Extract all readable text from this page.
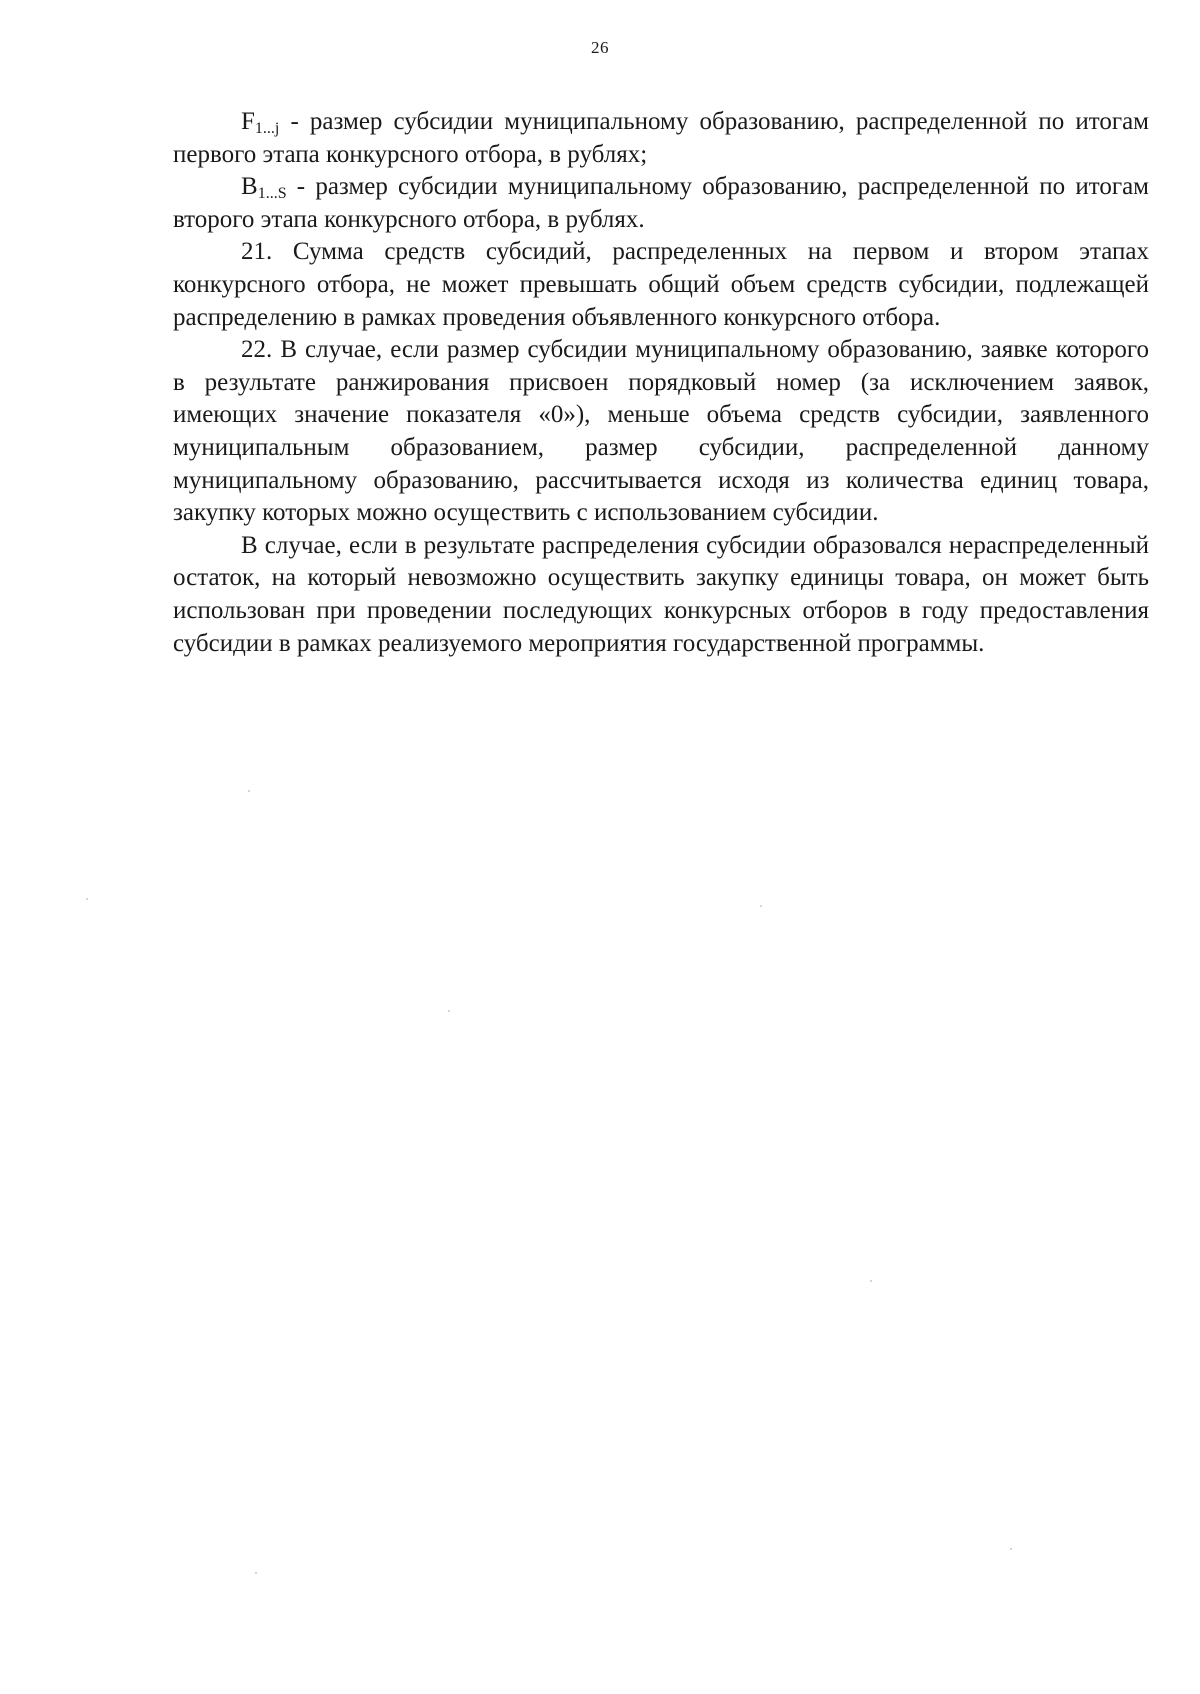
26

$F_{1...j}$ - размер субсидии муниципальному образованию, распределенной по итогам первого этапа конкурсного отбора, в рублях;

$B_{1...S}$ - размер субсидии муниципальному образованию, распределенной по итогам второго этапа конкурсного отбора, в рублях.

21. Сумма средств субсидий, распределенных на первом и втором этапах конкурсного отбора, не может превышать общий объем средств субсидии, подлежащей распределению в рамках проведения объявленного конкурсного отбора.

22. В случае, если размер субсидии муниципальному образованию, заявке которого в результате ранжирования присвоен порядковый номер (за исключением заявок, имеющих значение показателя «0»), меньше объема средств субсидии, заявленного муниципальным образованием, размер субсидии, распределенной данному муниципальному образованию, рассчитывается исходя из количества единиц товара, закупку которых можно осуществить с использованием субсидии.

В случае, если в результате распределения субсидии образовался нераспределенный остаток, на который невозможно осуществить закупку единицы товара, он может быть использован при проведении последующих конкурсных отборов в году предоставления субсидии в рамках реализуемого мероприятия государственной программы.
